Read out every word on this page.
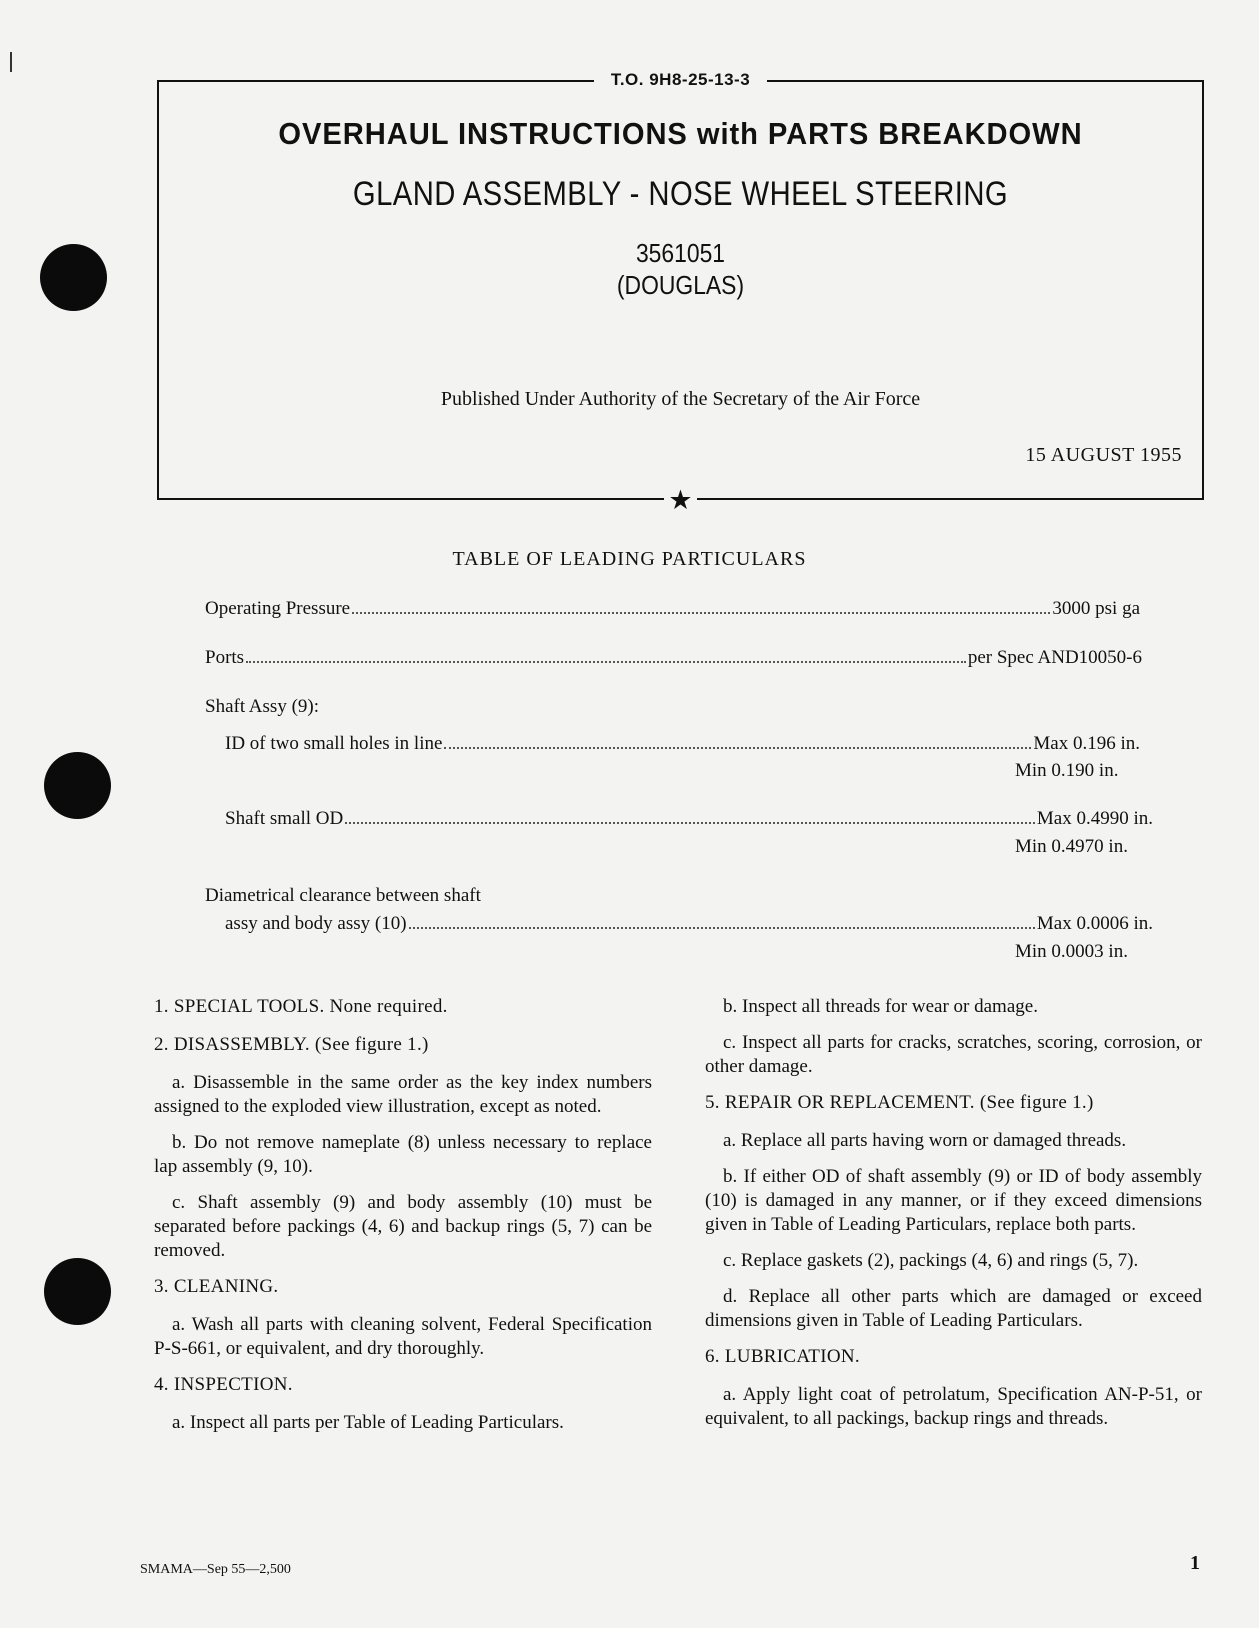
T.O. 9H8-25-13-3
OVERHAUL INSTRUCTIONS with PARTS BREAKDOWN
GLAND ASSEMBLY - NOSE WHEEL STEERING
3561051
(DOUGLAS)
Published Under Authority of the Secretary of the Air Force
15 AUGUST 1955
★
TABLE OF LEADING PARTICULARS
Operating Pressure	3000 psi ga
Ports	per Spec AND10050-6
Shaft Assy (9):
ID of two small holes in line	Max 0.196 in.
Min 0.190 in.
Shaft small OD	Max 0.4990 in.
Min 0.4970 in.
Diametrical clearance between shaft
assy and body assy (10)	Max 0.0006 in.
Min 0.0003 in.
1. SPECIAL TOOLS. None required.
2. DISASSEMBLY. (See figure 1.)

a. Disassemble in the same order as the key index numbers assigned to the exploded view illustration, except as noted.

b. Do not remove nameplate (8) unless necessary to replace lap assembly (9, 10).

c. Shaft assembly (9) and body assembly (10) must be separated before packings (4, 6) and backup rings (5, 7) can be removed.

3. CLEANING.

a. Wash all parts with cleaning solvent, Federal Specification P-S-661, or equivalent, and dry thoroughly.

4. INSPECTION.

a. Inspect all parts per Table of Leading Particulars.

b. Inspect all threads for wear or damage.

c. Inspect all parts for cracks, scratches, scoring, corrosion, or other damage.

5. REPAIR OR REPLACEMENT. (See figure 1.)

a. Replace all parts having worn or damaged threads.

b. If either OD of shaft assembly (9) or ID of body assembly (10) is damaged in any manner, or if they exceed dimensions given in Table of Leading Particulars, replace both parts.

c. Replace gaskets (2), packings (4, 6) and rings (5, 7).

d. Replace all other parts which are damaged or exceed dimensions given in Table of Leading Particulars.

6. LUBRICATION.

a. Apply light coat of petrolatum, Specification AN-P-51, or equivalent, to all packings, backup rings and threads.

SMAMA—Sep 55—2,500	1
